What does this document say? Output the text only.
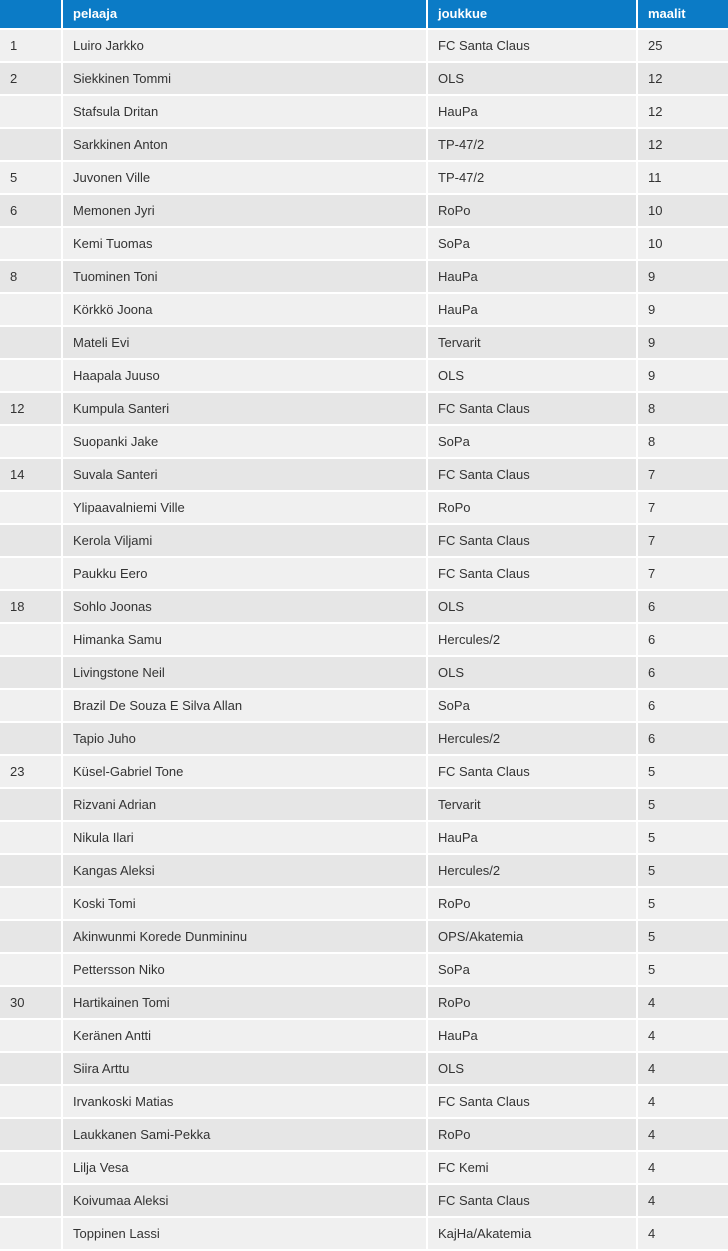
	pelaaja	joukkue	maalit
1	Luiro Jarkko	FC Santa Claus	25
2	Siekkinen Tommi	OLS	12
	Stafsula Dritan	HauPa	12
	Sarkkinen Anton	TP-47/2	12
5	Juvonen Ville	TP-47/2	11
6	Memonen Jyri	RoPo	10
	Kemi Tuomas	SoPa	10
8	Tuominen Toni	HauPa	9
	Körkkö Joona	HauPa	9
	Mateli Evi	Tervarit	9
	Haapala Juuso	OLS	9
12	Kumpula Santeri	FC Santa Claus	8
	Suopanki Jake	SoPa	8
14	Suvala Santeri	FC Santa Claus	7
	Ylipaavalniemi Ville	RoPo	7
	Kerola Viljami	FC Santa Claus	7
	Paukku Eero	FC Santa Claus	7
18	Sohlo Joonas	OLS	6
	Himanka Samu	Hercules/2	6
	Livingstone Neil	OLS	6
	Brazil De Souza E Silva Allan	SoPa	6
	Tapio Juho	Hercules/2	6
23	Küsel-Gabriel Tone	FC Santa Claus	5
	Rizvani Adrian	Tervarit	5
	Nikula Ilari	HauPa	5
	Kangas Aleksi	Hercules/2	5
	Koski Tomi	RoPo	5
	Akinwunmi Korede Dunmininu	OPS/Akatemia	5
	Pettersson Niko	SoPa	5
30	Hartikainen Tomi	RoPo	4
	Keränen Antti	HauPa	4
	Siira Arttu	OLS	4
	Irvankoski Matias	FC Santa Claus	4
	Laukkanen Sami-Pekka	RoPo	4
	Lilja Vesa	FC Kemi	4
	Koivumaa Aleksi	FC Santa Claus	4
	Toppinen Lassi	KajHa/Akatemia	4
